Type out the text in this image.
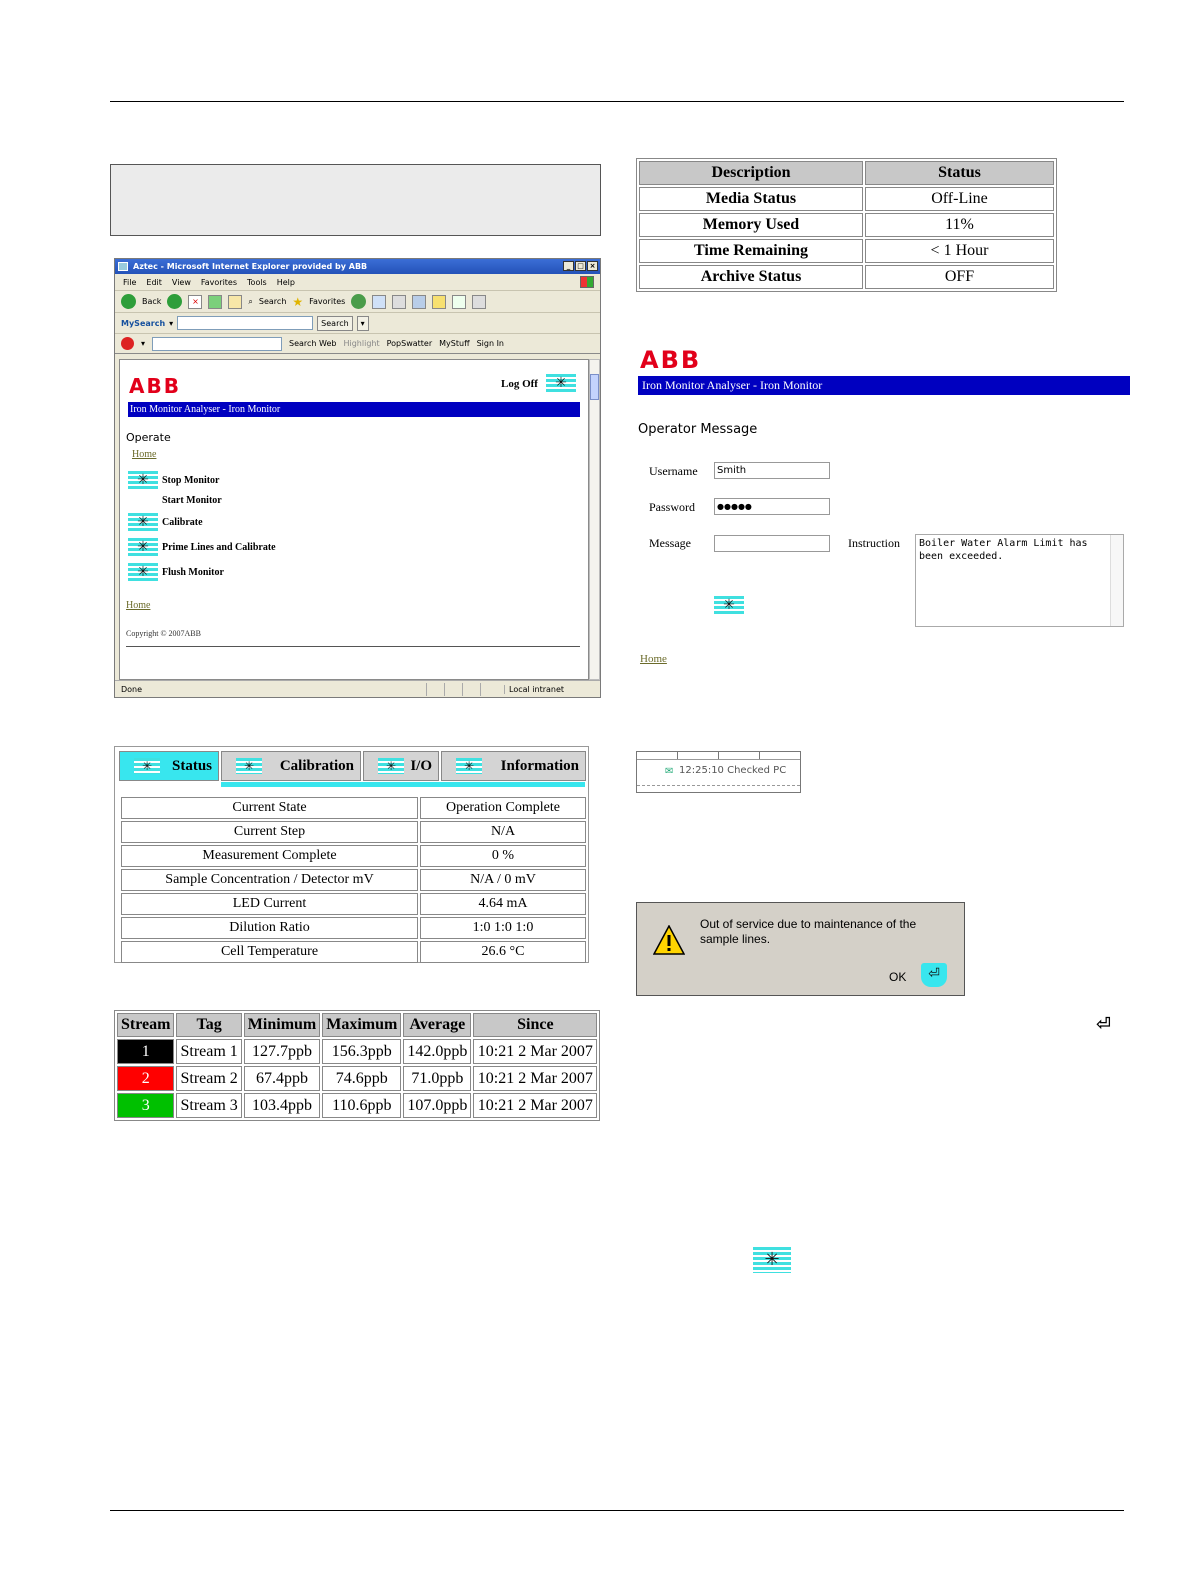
Aztec - Microsoft Internet Explorer provided by ABB	_ □ ×
File Edit View Favorites Tools Help
Back	×	⌕ Search ★ Favorites
MySearch ▾	Search	▾
▾	Search Web Highlight PopSwatter MyStuff Sign In
ABB	Log Off
✳
Iron Monitor Analyser - Iron Monitor
Operate
Home
✳
Stop Monitor
Start Monitor
✳
Calibrate
✳
Prime Lines and Calibrate
✳
Flush Monitor
Home
Copyright © 2007ABB
Done	Local intranet
✳
Status ✳	Calibration ✳	I/O ✳	Information
Current State	Operation Complete
Current Step	N/A
Measurement Complete	0 %
Sample Concentration / Detector mV	N/A / 0 mV
LED Current	4.64 mA
Dilution Ratio	1:0 1:0 1:0
Cell Temperature	26.6 °C
Stream	Tag	Minimum	Maximum	Average	Since
1	Stream 1	127.7ppb	156.3ppb	142.0ppb	10:21 2 Mar 2007
2	Stream 2	67.4ppb	74.6ppb	71.0ppb	10:21 2 Mar 2007
3	Stream 3	103.4ppb	110.6ppb	107.0ppb	10:21 2 Mar 2007
Description	Status
Media Status	Off-Line
Memory Used	11%
Time Remaining	< 1 Hour
Archive Status	OFF
ABB
Iron Monitor Analyser - Iron Monitor
Operator Message
Username	Smith
Password	●●●●●
Message	Instruction	Boiler Water Alarm Limit has been exceeded.
✳
Home
✉ 12:25:10 Checked PC
Out of service due to maintenance of the sample lines.
OK	⏎
⏎
✳
